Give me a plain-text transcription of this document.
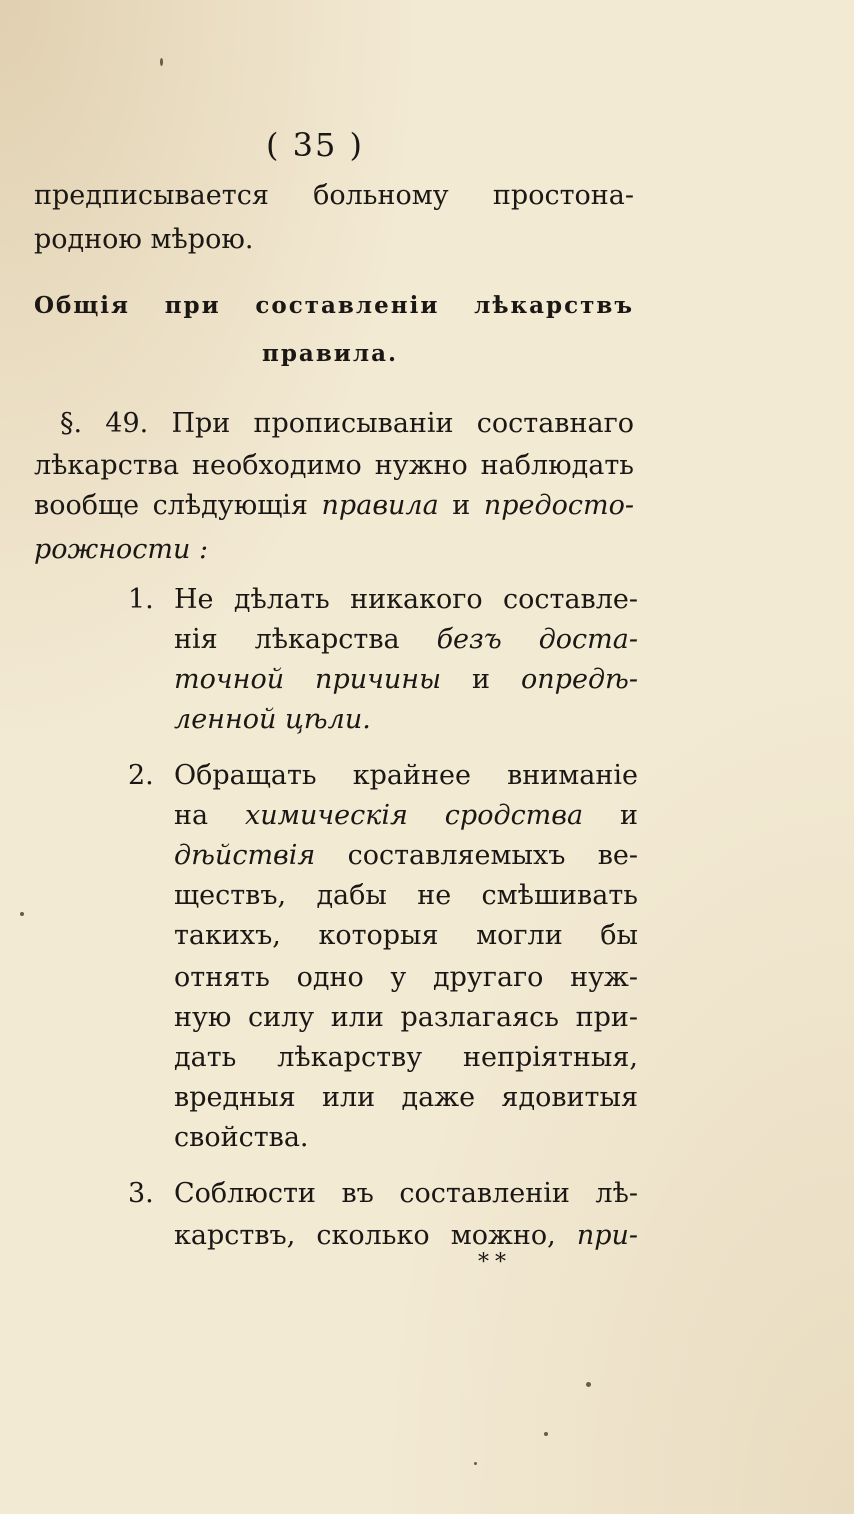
( 35 )
предписывается больному простона-
родною мѣрою.
Общiя при составленiи лѣкарствъ
правила.
§. 49. При прописыванiи составнаго
лѣкарства необходимо нужно наблюдать
вообще слѣдующiя правила и предосто-
рожности :
1. Не дѣлать никакого составле-
нiя лѣкарства безъ доста-
точной причины и опредѣ-
ленной цѣли.
2. Обращать крайнее вниманiе
на химическiя сродства и
дѣйствiя составляемыхъ ве-
ществъ, дабы не смѣшивать
такихъ, которыя могли бы
отнять одно у другаго нуж-
ную силу или разлагаясь при-
дать лѣкарству непрiятныя,
вредныя или даже ядовитыя
свойства.
3. Соблюсти въ составленiи лѣ-
карствъ, сколько можно, при-
**
